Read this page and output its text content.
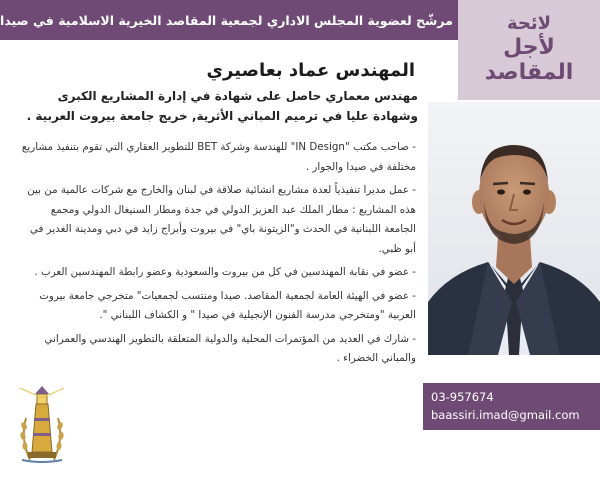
مرشّح لعضوية المجلس الاداري لجمعية المقاصد الخيرية الاسلامية في صيدا	لائحة
لأجل المقاصد
المهندس عماد بعاصيري
مهندس معماري حاصل على شهادة في إدارة المشاريع الكبرى وشهادة عليا في ترميم المباني الأثرية, خريج جامعة بيروت العربية .
- صاحب مكتب "IN Design" للهندسة وشركة BET للتطوير العقاري التي تقوم بتنفيذ مشاريع مختلفة في صيدا والجوار .
- عمل مديرا تنفيذياً لعدة مشاريع انشائية صلاقة في لبنان والخارج مع شركات عالمية من بين هذه المشاريع : مطار الملك عبد العزيز الدولي في جدة ومطار السنيغال الدولي ومجمع الجامعة اللبنانية في الحدث و"الزيتونة باي" في بيروت وأبراج زايد في دبي ومدينة الغدير في أبو ظبي.
- عضو في نقابة المهندسين في كل من بيروت والسعودية وعضو رابطة المهندسين العرب .
- عضو في الهيئة العامة لجمعية المقاصد. صيدا ومنتسب لجمعيات" متخرجي جامعة بيروت العربية "ومتخرجي مدرسة الفنون الإنجيلية في صيدا " و الكشاف اللبناني ".
- شارك في العديد من المؤتمرات المحلية والدولية المتعلقة بالتطوير الهندسي والعمراني والمباني الخضراء .
03-957674
baassiri.imad@gmail.com
